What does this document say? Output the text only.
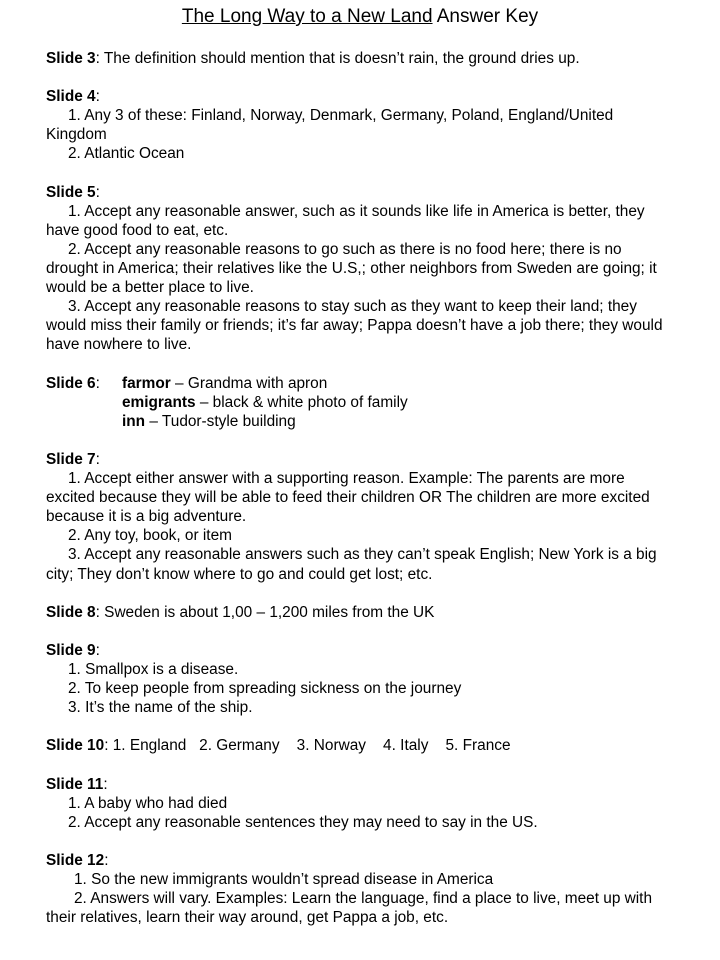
The Long Way to a New Land Answer Key
Slide 3: The definition should mention that is doesn’t rain, the ground dries up.
Slide 4:
1. Any 3 of these: Finland, Norway, Denmark, Germany, Poland, England/United Kingdom
2. Atlantic Ocean
Slide 5:
1. Accept any reasonable answer, such as it sounds like life in America is better, they have good food to eat, etc.
2. Accept any reasonable reasons to go such as there is no food here; there is no drought in America; their relatives like the U.S,; other neighbors from Sweden are going; it would be a better place to live.
3. Accept any reasonable reasons to stay such as they want to keep their land; they would miss their family or friends; it’s far away; Pappa doesn’t have a job there; they would have nowhere to live.
Slide 6:	farmor – Grandma with apron
emigrants – black & white photo of family
inn – Tudor-style building
Slide 7:
1. Accept either answer with a supporting reason. Example: The parents are more excited because they will be able to feed their children OR The children are more excited because it is a big adventure.
2. Any toy, book, or item
3. Accept any reasonable answers such as they can’t speak English; New York is a big city; They don’t know where to go and could get lost; etc.
Slide 8: Sweden is about 1,00 – 1,200 miles from the UK
Slide 9:
1. Smallpox is a disease.
2. To keep people from spreading sickness on the journey
3. It’s the name of the ship.
Slide 10: 1. England   2. Germany    3. Norway    4. Italy    5. France
Slide 11:
1. A baby who had died
2. Accept any reasonable sentences they may need to say in the US.
Slide 12:
1. So the new immigrants wouldn’t spread disease in America
2. Answers will vary. Examples: Learn the language, find a place to live, meet up with their relatives, learn their way around, get Pappa a job, etc.
